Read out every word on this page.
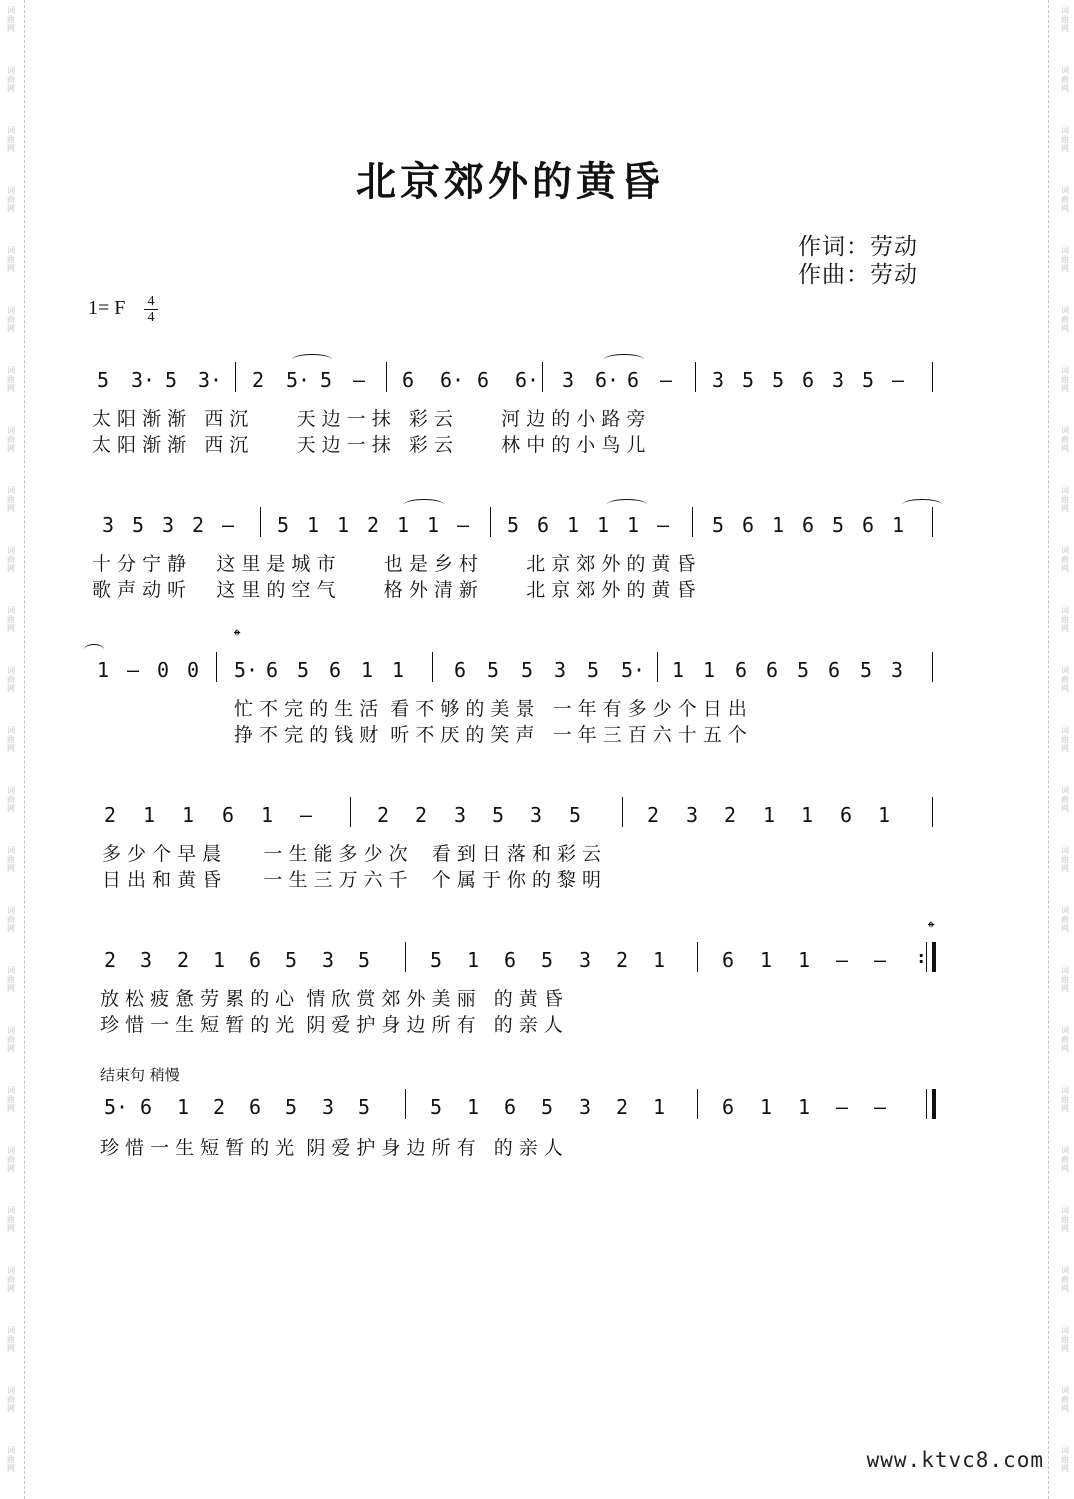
词曲网
词曲网
词曲网
词曲网
词曲网
词曲网
词曲网
词曲网
词曲网
词曲网
词曲网
词曲网
词曲网
词曲网
词曲网
词曲网
词曲网
词曲网
词曲网
词曲网
词曲网
词曲网
词曲网
词曲网
词曲网
词曲网
词曲网
词曲网
词曲网
词曲网
词曲网
词曲网
词曲网
词曲网
词曲网
词曲网
词曲网
词曲网
词曲网
词曲网
词曲网
词曲网
词曲网
词曲网
词曲网
词曲网
词曲网
词曲网
词曲网
词曲网
北京郊外的黄昏
作词：劳动
作曲：劳动
1= F 4
4
5 3· 5 3· 2 5· 5 — 6 6· 6 6· 3 6· 6 — 3 5 5 6 3 5 —
太 阳 渐 渐   西 沉        天 边 一 抹   彩 云        河 边 的 小 路 旁
太 阳 渐 渐   西 沉        天 边 一 抹   彩 云        林 中 的 小 鸟 儿
3 5 3 2 — 5 1 1 2 1 1 — 5 6 1 1 1 — 5 6 1 6 5 6 1
十 分 宁 静     这 里 是 城 市        也 是 乡 村        北 京 郊 外 的 黄 昏
歌 声 动 听     这 里 的 空 气        格 外 清 新        北 京 郊 外 的 黄 昏
𝄌
1 — 0 0 5· 6 5 6 1 1 6 5 5 3 5 5· 1 1 6 6 5 6 5 3
忙 不 完 的 生 活  看 不 够 的 美 景   一 年 有 多 少 个 日 出
挣 不 完 的 钱 财  听 不 厌 的 笑 声   一 年 三 百 六 十 五 个
2 1 1 6 1 —	2 2 3 5 3 5	2 3 2 1 1 6 1
多 少 个 早 晨       一 生 能 多 少 次    看 到 日 落 和 彩 云
日 出 和 黄 昏       一 生 三 万 六 千    个 属 于 你 的 黎 明
2 3 2 1 6 5 3 5	5 1 6 5 3 2 1	6 1 1 — — :
𝄌
放 松 疲 惫 劳 累 的 心  情 欣 赏 郊 外 美 丽   的 黄 昏
珍 惜 一 生 短 暂 的 光  阴 爱 护 身 边 所 有   的 亲 人
结束句 稍慢
5· 6 1 2 6 5 3 5	5 1 6 5 3 2 1	6 1 1 — —
珍 惜 一 生 短 暂 的 光  阴 爱 护 身 边 所 有   的 亲 人
www.ktvc8.com
